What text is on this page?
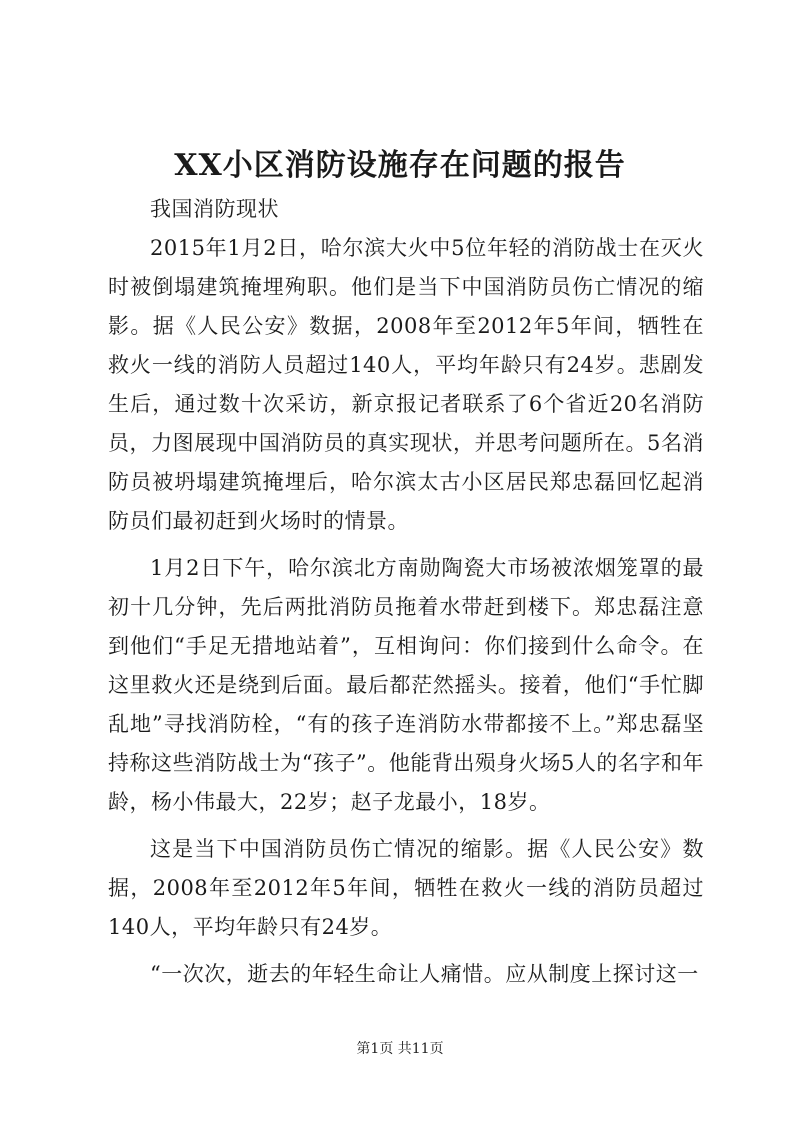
XX小区消防设施存在问题的报告

我国消防现状

2015年1月2日，哈尔滨大火中5位年轻的消防战士在灭火时被倒塌建筑掩埋殉职。他们是当下中国消防员伤亡情况的缩影。据《人民公安》数据，2008年至2012年5年间，牺牲在救火一线的消防人员超过140人，平均年龄只有24岁。悲剧发生后，通过数十次采访，新京报记者联系了6个省近20名消防员，力图展现中国消防员的真实现状，并思考问题所在。5名消防员被坍塌建筑掩埋后，哈尔滨太古小区居民郑忠磊回忆起消防员们最初赶到火场时的情景。

1月2日下午，哈尔滨北方南勋陶瓷大市场被浓烟笼罩的最初十几分钟，先后两批消防员拖着水带赶到楼下。郑忠磊注意到他们“手足无措地站着”，互相询问：你们接到什么命令。在这里救火还是绕到后面。最后都茫然摇头。接着，他们“手忙脚乱地”寻找消防栓，“有的孩子连消防水带都接不上。”郑忠磊坚持称这些消防战士为“孩子”。他能背出殒身火场5人的名字和年龄，杨小伟最大，22岁；赵子龙最小，18岁。

这是当下中国消防员伤亡情况的缩影。据《人民公安》数据，2008年至2012年5年间，牺牲在救火一线的消防员超过140人，平均年龄只有24岁。

“一次次，逝去的年轻生命让人痛惜。应从制度上探讨这一

第1页 共11页
